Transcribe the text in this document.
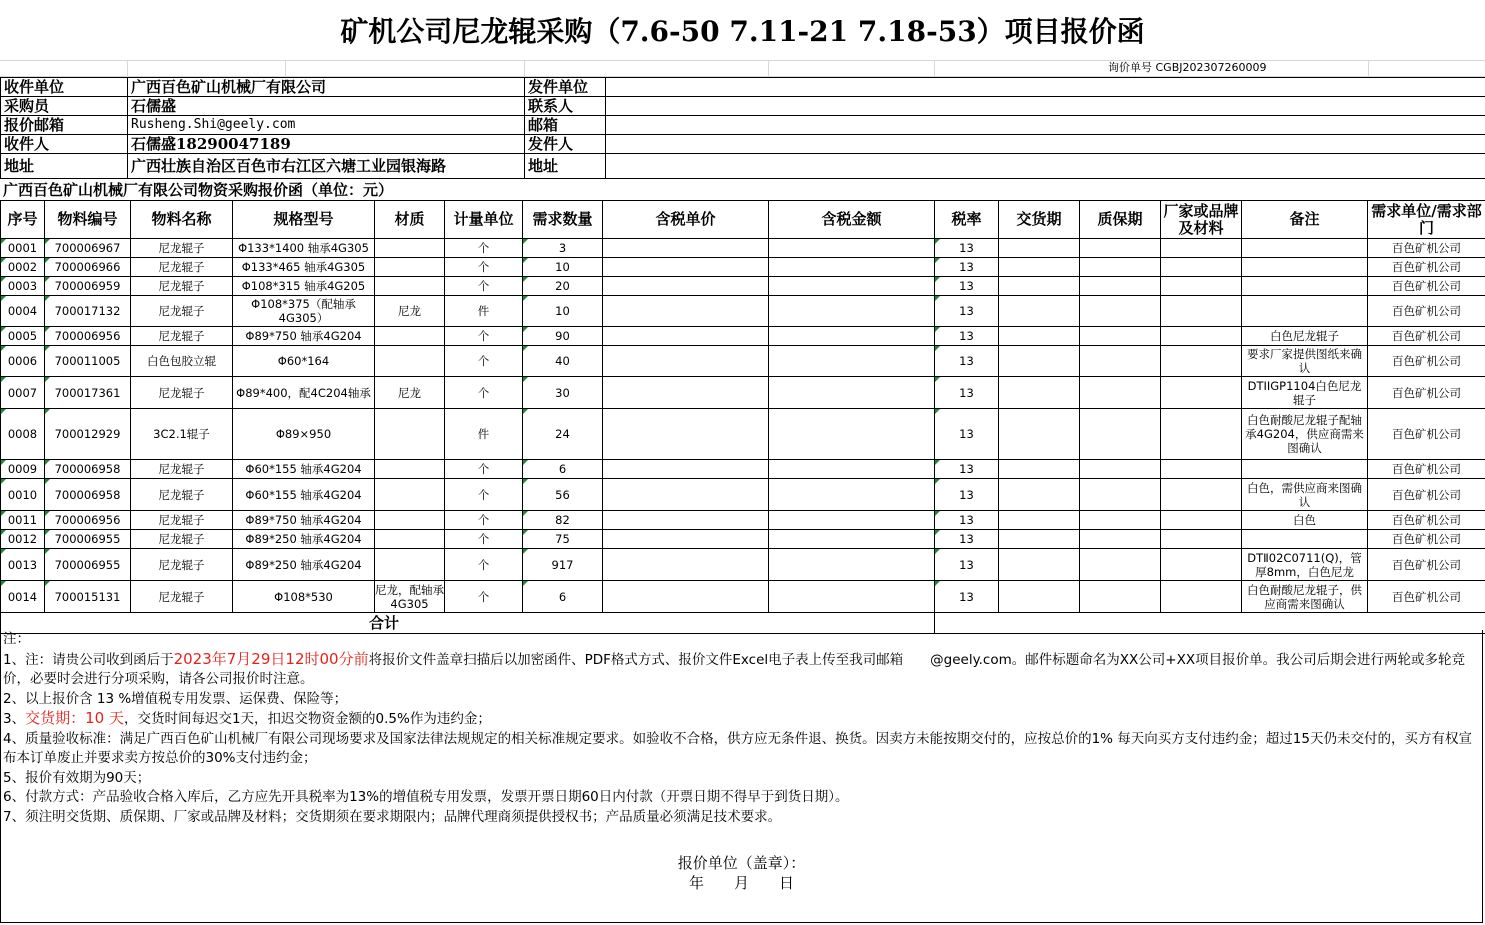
矿机公司尼龙辊采购（7.6-50 7.11-21 7.18-53）项目报价函
询价单号 CGBJ202307260009
收件单位	广西百色矿山机械厂有限公司	发件单位	
采购员	石儒盛	联系人	
报价邮箱	Rusheng.Shi@geely.com	邮箱	
收件人	石儒盛18290047189	发件人	
地址	广西壮族自治区百色市右江区六塘工业园银海路	地址	
广西百色矿山机械厂有限公司物资采购报价函（单位：元）
序号	物料编号	物料名称	规格型号	材质	计量单位	需求数量	含税单价	含税金额	税率	交货期	质保期	厂家或品牌及材料	备注	需求单位/需求部门
0001	700006967	尼龙辊子	Φ133*1400 轴承4G305		个	3			13					百色矿机公司
0002	700006966	尼龙辊子	Φ133*465 轴承4G305		个	10			13					百色矿机公司
0003	700006959	尼龙辊子	Φ108*315 轴承4G205		个	20			13					百色矿机公司
0004	700017132	尼龙辊子	Φ108*375（配轴承4G305）	尼龙	件	10			13					百色矿机公司
0005	700006956	尼龙辊子	Φ89*750 轴承4G204		个	90			13				白色尼龙辊子	百色矿机公司
0006	700011005	白色包胶立辊	Φ60*164		个	40			13				要求厂家提供图纸来确认	百色矿机公司
0007	700017361	尼龙辊子	Φ89*400，配4C204轴承	尼龙	个	30			13				DTIIGP1104白色尼龙辊子	百色矿机公司
0008	700012929	3C2.1辊子	Φ89×950		件	24			13				白色耐酸尼龙辊子配轴承4G204，供应商需来图确认	百色矿机公司
0009	700006958	尼龙辊子	Φ60*155 轴承4G204		个	6			13					百色矿机公司
0010	700006958	尼龙辊子	Φ60*155 轴承4G204		个	56			13				白色，需供应商来图确认	百色矿机公司
0011	700006956	尼龙辊子	Φ89*750 轴承4G204		个	82			13				白色	百色矿机公司
0012	700006955	尼龙辊子	Φ89*250 轴承4G204		个	75			13					百色矿机公司
0013	700006955	尼龙辊子	Φ89*250 轴承4G204		个	917			13				DTⅡ02C0711(Q)，管厚8mm，白色尼龙	百色矿机公司
0014	700015131	尼龙辊子	Φ108*530	尼龙，配轴承4G305	个	6			13				白色耐酸尼龙辊子，供应商需来图确认	百色矿机公司
合计														

注：

1、注：请贵公司收到函后于2023年7月29日12时00分前将报价文件盖章扫描后以加密函件、PDF格式方式、报价文件Excel电子表上传至我司邮箱　　@geely.com。邮件标题命名为XX公司+XX项目报价单。我公司后期会进行两轮或多轮竞价，必要时会进行分项采购，请各公司报价时注意。

2、以上报价含 13 %增值税专用发票、运保费、保险等；

3、交货期：10 天，交货时间每迟交1天，扣迟交物资金额的0.5%作为违约金；

4、质量验收标准：满足广西百色矿山机械厂有限公司现场要求及国家法律法规规定的相关标准规定要求。如验收不合格，供方应无条件退、换货。因卖方未能按期交付的，应按总价的1% 每天向买方支付违约金；超过15天仍未交付的，买方有权宣布本订单废止并要求卖方按总价的30%支付违约金；

5、报价有效期为90天；

6、付款方式：产品验收合格入库后，乙方应先开具税率为13%的增值税专用发票，发票开票日期60日内付款（开票日期不得早于到货日期）。

7、须注明交货期、质保期、厂家或品牌及材料；交货期须在要求期限内；品牌代理商须提供授权书；产品质量必须满足技术要求。

报价单位（盖章）：
年　　月　　日
